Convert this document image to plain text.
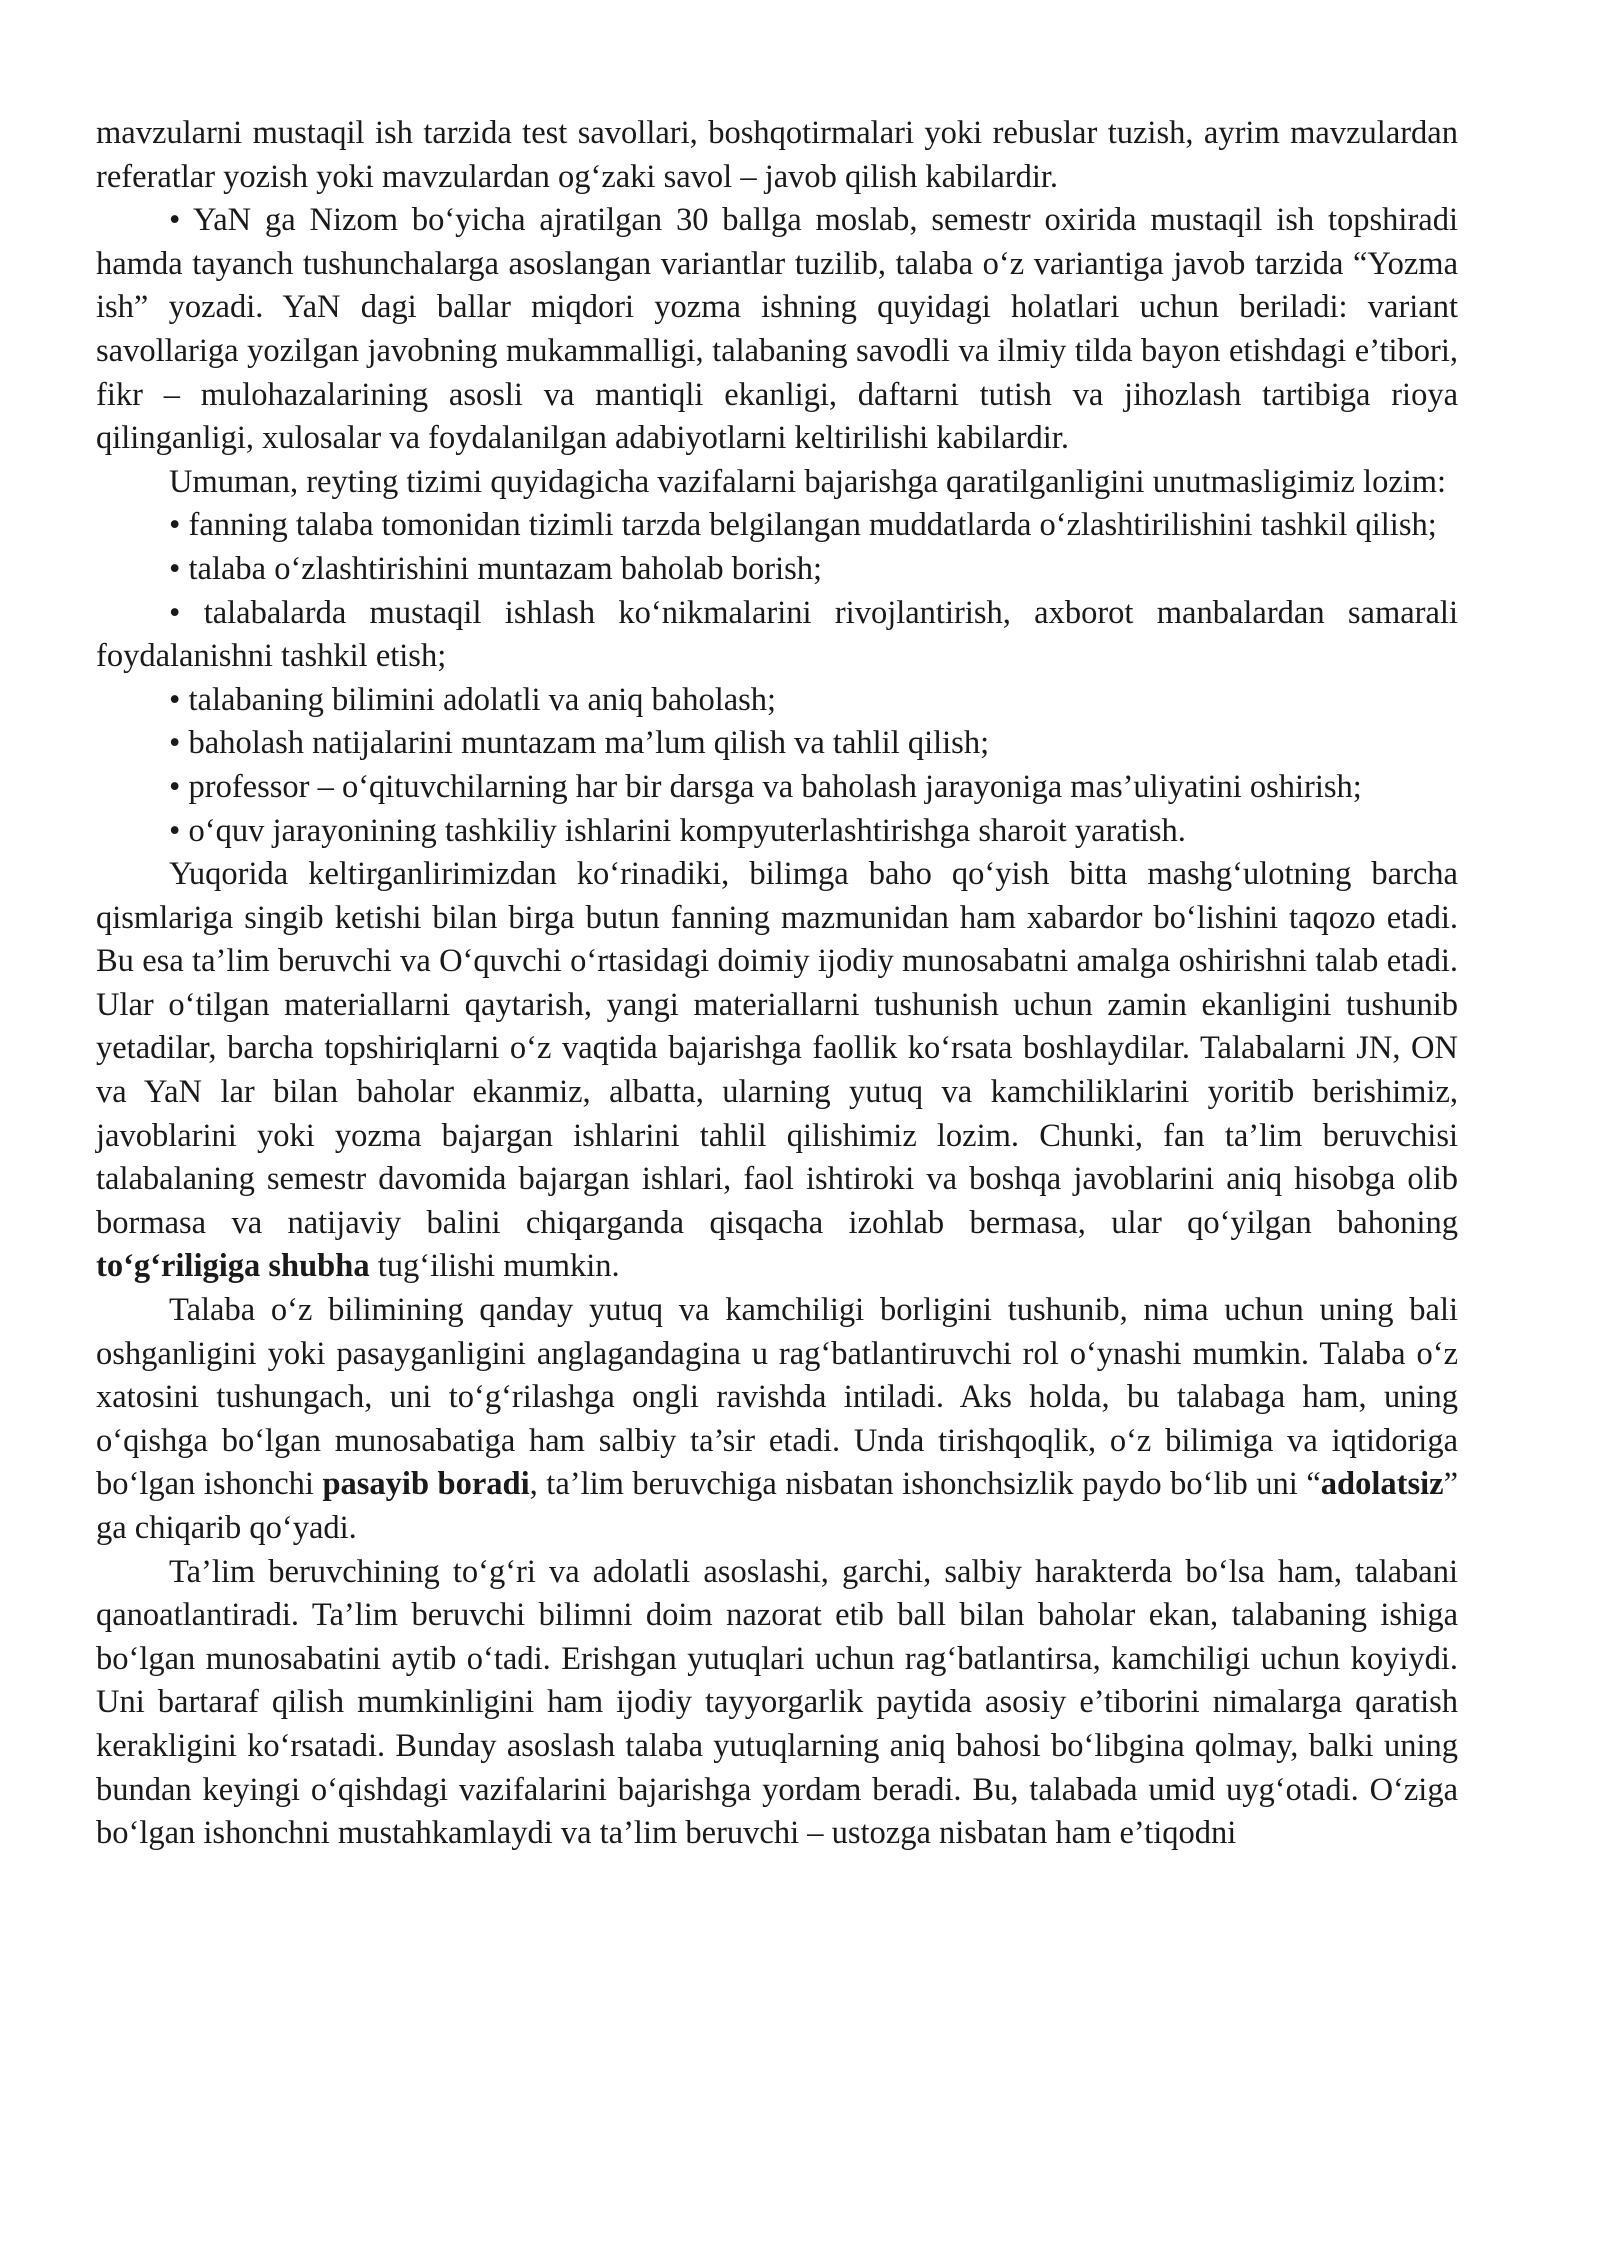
mavzularni mustaqil ish tarzida test savollari, boshqotirmalari yoki rebuslar tuzish, ayrim mavzulardan referatlar yozish yoki mavzulardan og‘zaki savol – javob qilish kabilardir.

• YaN ga Nizom bo‘yicha ajratilgan 30 ballga moslab, semestr oxirida mustaqil ish topshiradi hamda tayanch tushunchalarga asoslangan variantlar tuzilib, talaba o‘z variantiga javob tarzida “Yozma ish” yozadi. YaN dagi ballar miqdori yozma ishning quyidagi holatlari uchun beriladi: variant savollariga yozilgan javobning mukammalligi, talabaning savodli va ilmiy tilda bayon etishdagi e’tibori, fikr – mulohazalarining asosli va mantiqli ekanligi, daftarni tutish va jihozlash tartibiga rioya qilinganligi, xulosalar va foydalanilgan adabiyotlarni keltirilishi kabilardir.

Umuman, reyting tizimi quyidagicha vazifalarni bajarishga qaratilganligini unutmasligimiz lozim:

• fanning talaba tomonidan tizimli tarzda belgilangan muddatlarda o‘zlashtirilishini tashkil qilish;

• talaba o‘zlashtirishini muntazam baholab borish;

• talabalarda mustaqil ishlash ko‘nikmalarini rivojlantirish, axborot manbalardan samarali foydalanishni tashkil etish;

• talabaning bilimini adolatli va aniq baholash;

• baholash natijalarini muntazam ma’lum qilish va tahlil qilish;

• professor – o‘qituvchilarning har bir darsga va baholash jarayoniga mas’uliyatini oshirish;

• o‘quv jarayonining tashkiliy ishlarini kompyuterlashtirishga sharoit yaratish.

Yuqorida keltirganlirimizdan ko‘rinadiki, bilimga baho qo‘yish bitta mashg‘ulotning barcha qismlariga singib ketishi bilan birga butun fanning mazmunidan ham xabardor bo‘lishini taqozo etadi. Bu esa ta’lim beruvchi va O‘quvchi o‘rtasidagi doimiy ijodiy munosabatni amalga oshirishni talab etadi. Ular o‘tilgan materiallarni qaytarish, yangi materiallarni tushunish uchun zamin ekanligini tushunib yetadilar, barcha topshiriqlarni o‘z vaqtida bajarishga faollik ko‘rsata boshlaydilar. Talabalarni JN, ON va YaN lar bilan baholar ekanmiz, albatta, ularning yutuq va kamchiliklarini yoritib berishimiz, javoblarini yoki yozma bajargan ishlarini tahlil qilishimiz lozim. Chunki, fan ta’lim beruvchisi talabalaning semestr davomida bajargan ishlari, faol ishtiroki va boshqa javoblarini aniq hisobga olib bormasa va natijaviy balini chiqarganda qisqacha izohlab bermasa, ular qo‘yilgan bahoning to‘g‘riligiga shubha tug‘ilishi mumkin.

Talaba o‘z bilimining qanday yutuq va kamchiligi borligini tushunib, nima uchun uning bali oshganligini yoki pasayganligini anglagandagina u rag‘batlantiruvchi rol o‘ynashi mumkin. Talaba o‘z xatosini tushungach, uni to‘g‘rilashga ongli ravishda intiladi. Aks holda, bu talabaga ham, uning o‘qishga bo‘lgan munosabatiga ham salbiy ta’sir etadi. Unda tirishqoqlik, o‘z bilimiga va iqtidoriga bo‘lgan ishonchi pasayib boradi, ta’lim beruvchiga nisbatan ishonchsizlik paydo bo‘lib uni “adolatsiz” ga chiqarib qo‘yadi.

Ta’lim beruvchining to‘g‘ri va adolatli asoslashi, garchi, salbiy harakterda bo‘lsa ham, talabani qanoatlantiradi. Ta’lim beruvchi bilimni doim nazorat etib ball bilan baholar ekan, talabaning ishiga bo‘lgan munosabatini aytib o‘tadi. Erishgan yutuqlari uchun rag‘batlantirsa, kamchiligi uchun koyiydi. Uni bartaraf qilish mumkinligini ham ijodiy tayyorgarlik paytida asosiy e’tiborini nimalarga qaratish kerakligini ko‘rsatadi. Bunday asoslash talaba yutuqlarning aniq bahosi bo‘libgina qolmay, balki uning bundan keyingi o‘qishdagi vazifalarini bajarishga yordam beradi. Bu, talabada umid uyg‘otadi. O‘ziga bo‘lgan ishonchni mustahkamlaydi va ta’lim beruvchi – ustozga nisbatan ham e’tiqodni
